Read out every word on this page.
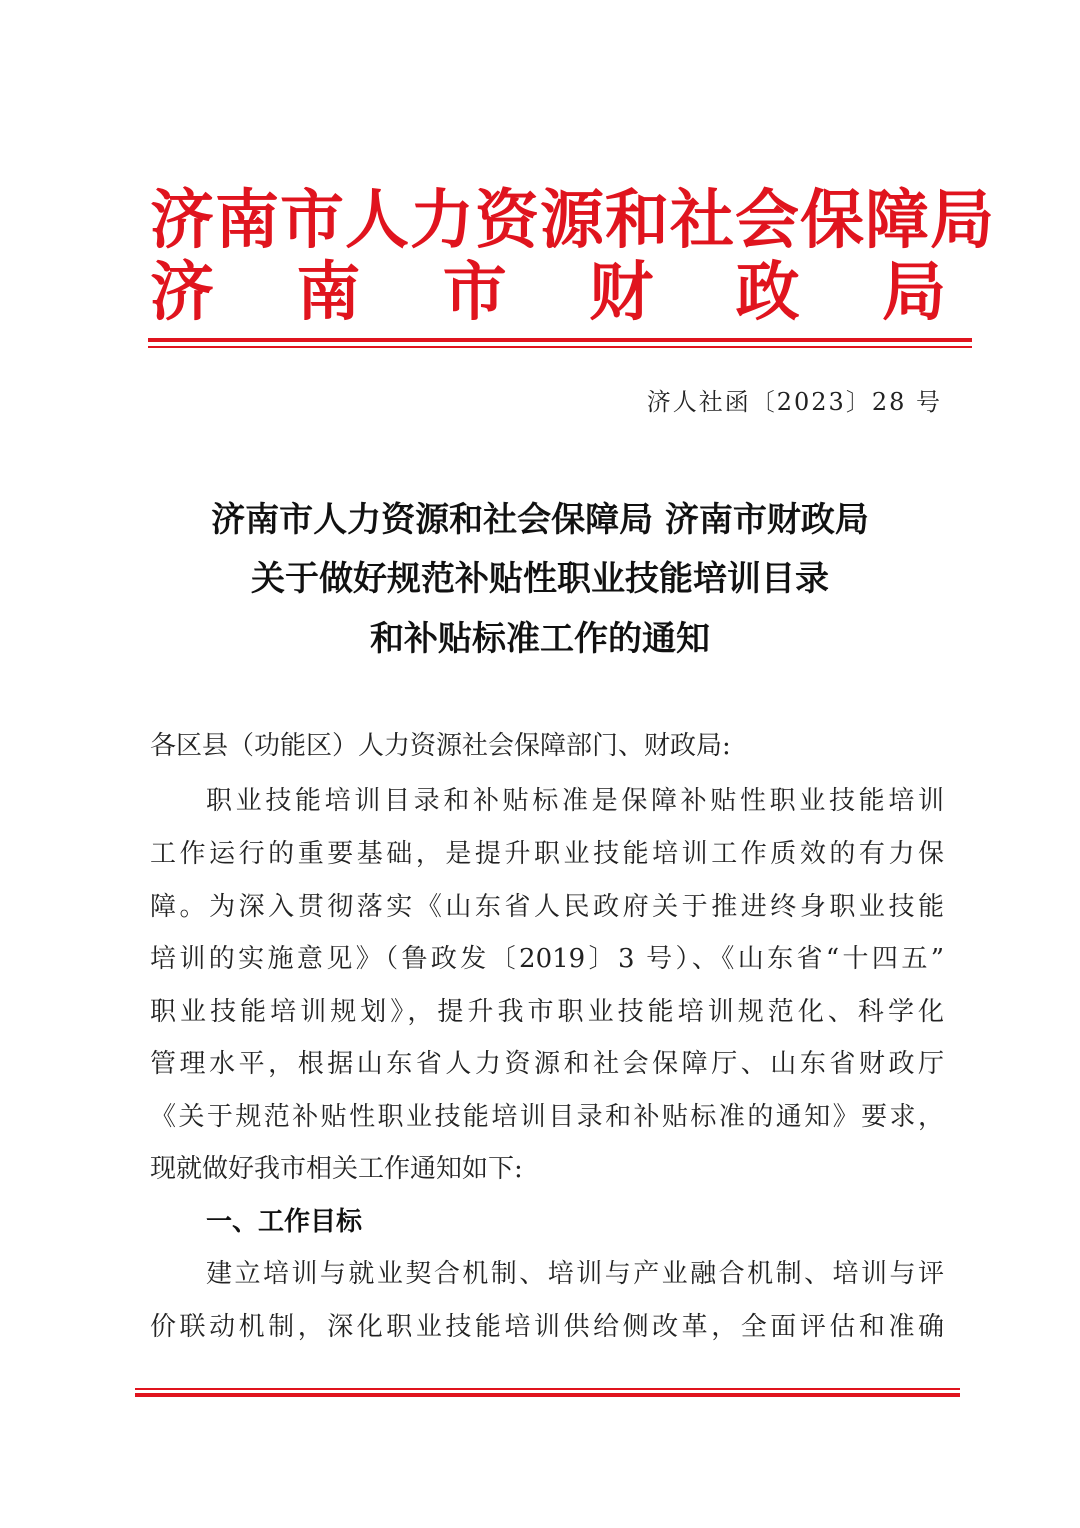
济南市人力资源和社会保障局
济 南 市 财 政 局
济人社函〔2023〕28 号
济南市人力资源和社会保障局 济南市财政局
关于做好规范补贴性职业技能培训目录
和补贴标准工作的通知
各区县（功能区）人力资源社会保障部门、财政局:
职业技能培训目录和补贴标准是保障补贴性职业技能培训
工作运行的重要基础，是提升职业技能培训工作质效的有力保
障。为深入贯彻落实《山东省人民政府关于推进终身职业技能
培训的实施意见》（鲁政发〔2019〕3 号）、《山东省“十四五”
职业技能培训规划》，提升我市职业技能培训规范化、科学化
管理水平，根据山东省人力资源和社会保障厅、山东省财政厅
《关于规范补贴性职业技能培训目录和补贴标准的通知》要求，
现就做好我市相关工作通知如下:
一、工作目标
建立培训与就业契合机制、培训与产业融合机制、培训与评
价联动机制，深化职业技能培训供给侧改革，全面评估和准确
